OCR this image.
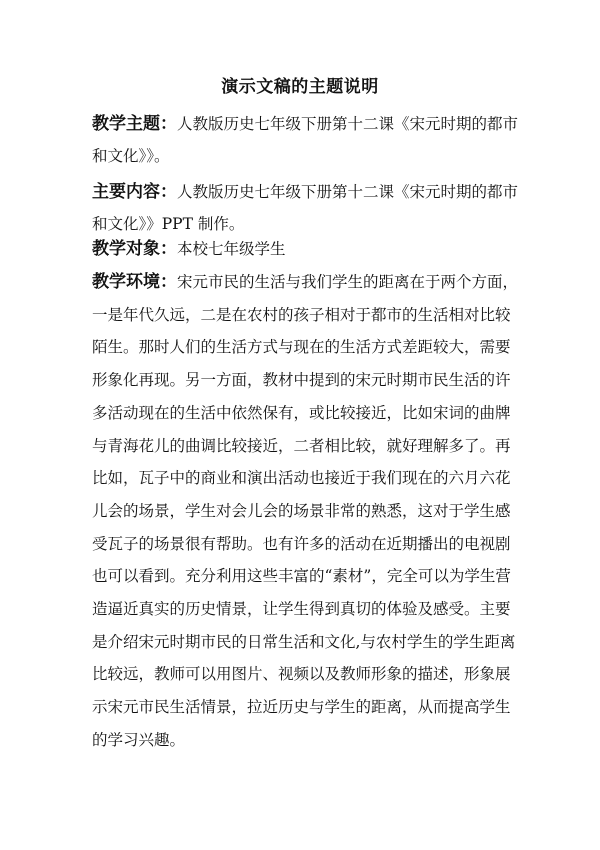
演示文稿的主题说明
教学主题：人教版历史七年级下册第十二课《宋元时期的都市和文化》》。
主要内容：人教版历史七年级下册第十二课《宋元时期的都市和文化》》PPT 制作。
教学对象：本校七年级学生
教学环境：宋元市民的生活与我们学生的距离在于两个方面，一是年代久远，二是在农村的孩子相对于都市的生活相对比较陌生。那时人们的生活方式与现在的生活方式差距较大，需要形象化再现。另一方面，教材中提到的宋元时期市民生活的许多活动现在的生活中依然保有，或比较接近，比如宋词的曲牌与青海花儿的曲调比较接近，二者相比较，就好理解多了。再比如，瓦子中的商业和演出活动也接近于我们现在的六月六花儿会的场景，学生对会儿会的场景非常的熟悉，这对于学生感受瓦子的场景很有帮助。也有许多的活动在近期播出的电视剧也可以看到。充分利用这些丰富的“素材”，完全可以为学生营造逼近真实的历史情景，让学生得到真切的体验及感受。主要是介绍宋元时期市民的日常生活和文化,与农村学生的学生距离比较远，教师可以用图片、视频以及教师形象的描述，形象展示宋元市民生活情景，拉近历史与学生的距离，从而提高学生的学习兴趣。
